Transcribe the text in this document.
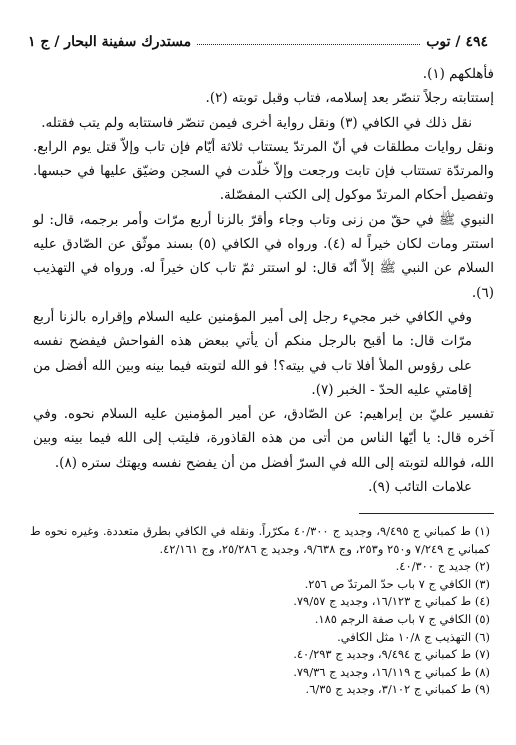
٤٩٤
/
توب
مستدرك سفينة البحار / ج ١

فأهلكهم (١).

إستتابته رجلاً تنصّر بعد إسلامه، فتاب وقبل توبته (٢).

نقل ذلك في الكافي (٣) ونقل رواية أخرى فيمن تنصّر فاستتابه ولم يتب فقتله.

ونقل روايات مطلقات في أنّ المرتدّ يستتاب ثلاثة أيّام فإن تاب وإلاّ قتل يوم الرابع. والمرتدّة تستتاب فإن تابت ورجعت وإلاّ خلّدت في السجن وضيّق عليها في حبسها. وتفصيل أحكام المرتدّ موكول إلى الكتب المفصّلة.

النبوي ﷺ في حقّ من زنى وتاب وجاء وأقرّ بالزنا أربع مرّات وأمر برجمه، قال: لو استتر ومات لكان خيراً له (٤). ورواه في الكافي (٥) بسند موثّق عن الصّادق عليه السلام عن النبي ﷺ إلاّ أنّه قال: لو استتر ثمّ تاب كان خيراً له. ورواه في التهذيب (٦).

وفي الكافي خبر مجيء رجل إلى أمير المؤمنين عليه السلام وإقراره بالزنا أربع مرّات قال: ما أقبح بالرجل منكم أن يأتي ببعض هذه الفواحش فيفضح نفسه على رؤوس الملأ أفلا تاب في بيته؟! فو الله لتوبته فيما بينه وبين الله أفضل من إقامتي عليه الحدّ - الخبر (٧).

تفسير عليّ بن إبراهيم: عن الصّادق، عن أمير المؤمنين عليه السلام نحوه. وفي آخره قال: يا أيّها الناس من أتى من هذه القاذورة، فليتب إلى الله فيما بينه وبين الله، فوالله لتوبته إلى الله في السرّ أفضل من أن يفضح نفسه ويهتك ستره (٨).

علامات التائب (٩).

(١) ط كمباني ج ٩/٤٩٥، وجديد ج ٤٠/٣٠٠ مكرّراً. ونقله في الكافي بطرق متعددة. وغيره نحوه ط كمباني ج ٧/٢٤٩ و٢٥٠ و٢٥٣، وج ٩/٦٣٨، وجديد ج ٢٥/٢٨٦، وج ٤٢/١٦١.

(٢) جديد ج ٤٠/٣٠٠.

(٣) الكافي ج ٧ باب حدّ المرتدّ ص ٢٥٦.

(٤) ط كمباني ج ١٦/١٢٣، وجديد ج ٧٩/٥٧.

(٥) الكافي ج ٧ باب صفة الرجم ١٨٥.

(٦) التهذيب ج ١٠/٨ مثل الكافي.

(٧) ط كمباني ج ٩/٤٩٤، وجديد ج ٤٠/٢٩٣.

(٨) ط كمباني ج ١٦/١١٩، وجديد ج ٧٩/٣٦.

(٩) ط كمباني ج ٣/١٠٢، وجديد ج ٦/٣٥.
